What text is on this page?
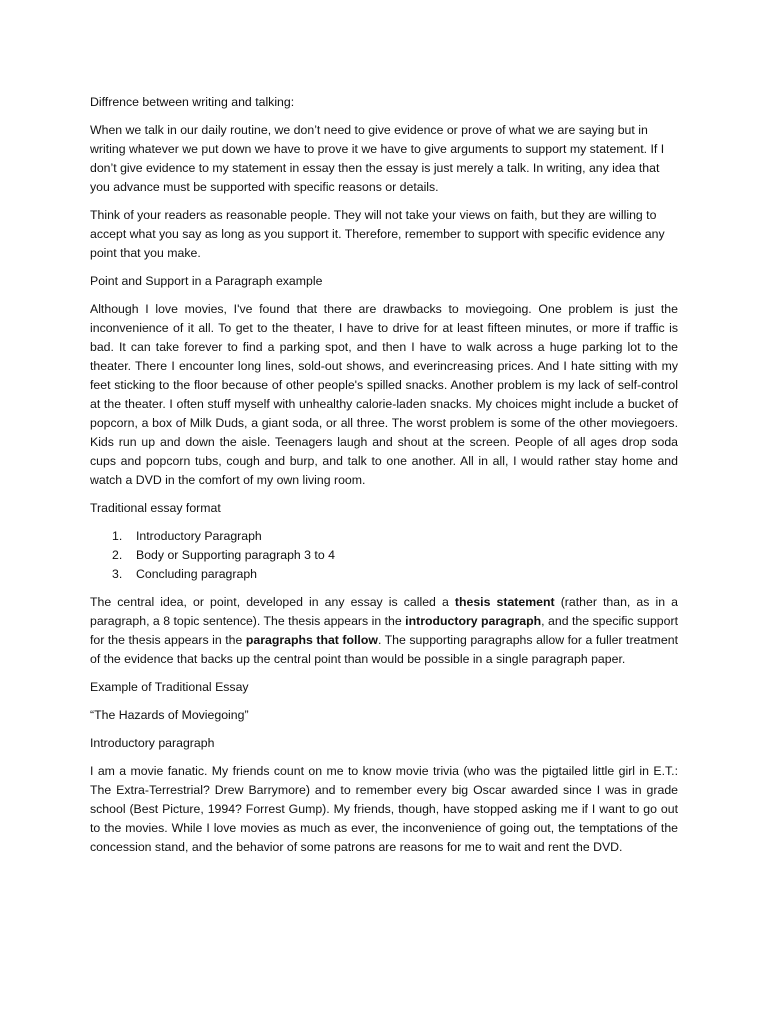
Diffrence between writing and talking:

When we talk in our daily routine, we don’t need to give evidence or prove of what we are saying but in writing whatever we put down we have to prove it we have to give arguments to support my statement. If I don’t give evidence to my statement in essay then the essay is just merely a talk. In writing, any idea that you advance must be supported with specific reasons or details.

Think of your readers as reasonable people. They will not take your views on faith, but they are willing to accept what you say as long as you support it. Therefore, remember to support with specific evidence any point that you make.

Point and Support in a Paragraph example

Although I love movies, I've found that there are drawbacks to moviegoing. One problem is just the inconvenience of it all. To get to the theater, I have to drive for at least fifteen minutes, or more if traffic is bad. It can take forever to find a parking spot, and then I have to walk across a huge parking lot to the theater. There I encounter long lines, sold-out shows, and everincreasing prices. And I hate sitting with my feet sticking to the floor because of other people's spilled snacks. Another problem is my lack of self-control at the theater. I often stuff myself with unhealthy calorie-laden snacks. My choices might include a bucket of popcorn, a box of Milk Duds, a giant soda, or all three. The worst problem is some of the other moviegoers. Kids run up and down the aisle. Teenagers laugh and shout at the screen. People of all ages drop soda cups and popcorn tubs, cough and burp, and talk to one another. All in all, I would rather stay home and watch a DVD in the comfort of my own living room.

Traditional essay format

1.	Introductory Paragraph
2.	Body or Supporting paragraph 3 to 4
3.	Concluding paragraph

The central idea, or point, developed in any essay is called a thesis statement (rather than, as in a paragraph, a 8 topic sentence). The thesis appears in the introductory paragraph, and the specific support for the thesis appears in the paragraphs that follow. The supporting paragraphs allow for a fuller treatment of the evidence that backs up the central point than would be possible in a single paragraph paper.

Example of Traditional Essay

“The Hazards of Moviegoing”

Introductory paragraph

I am a movie fanatic. My friends count on me to know movie trivia (who was the pigtailed little girl in E.T.: The Extra-Terrestrial? Drew Barrymore) and to remember every big Oscar awarded since I was in grade school (Best Picture, 1994? Forrest Gump). My friends, though, have stopped asking me if I want to go out to the movies. While I love movies as much as ever, the inconvenience of going out, the temptations of the concession stand, and the behavior of some patrons are reasons for me to wait and rent the DVD.
